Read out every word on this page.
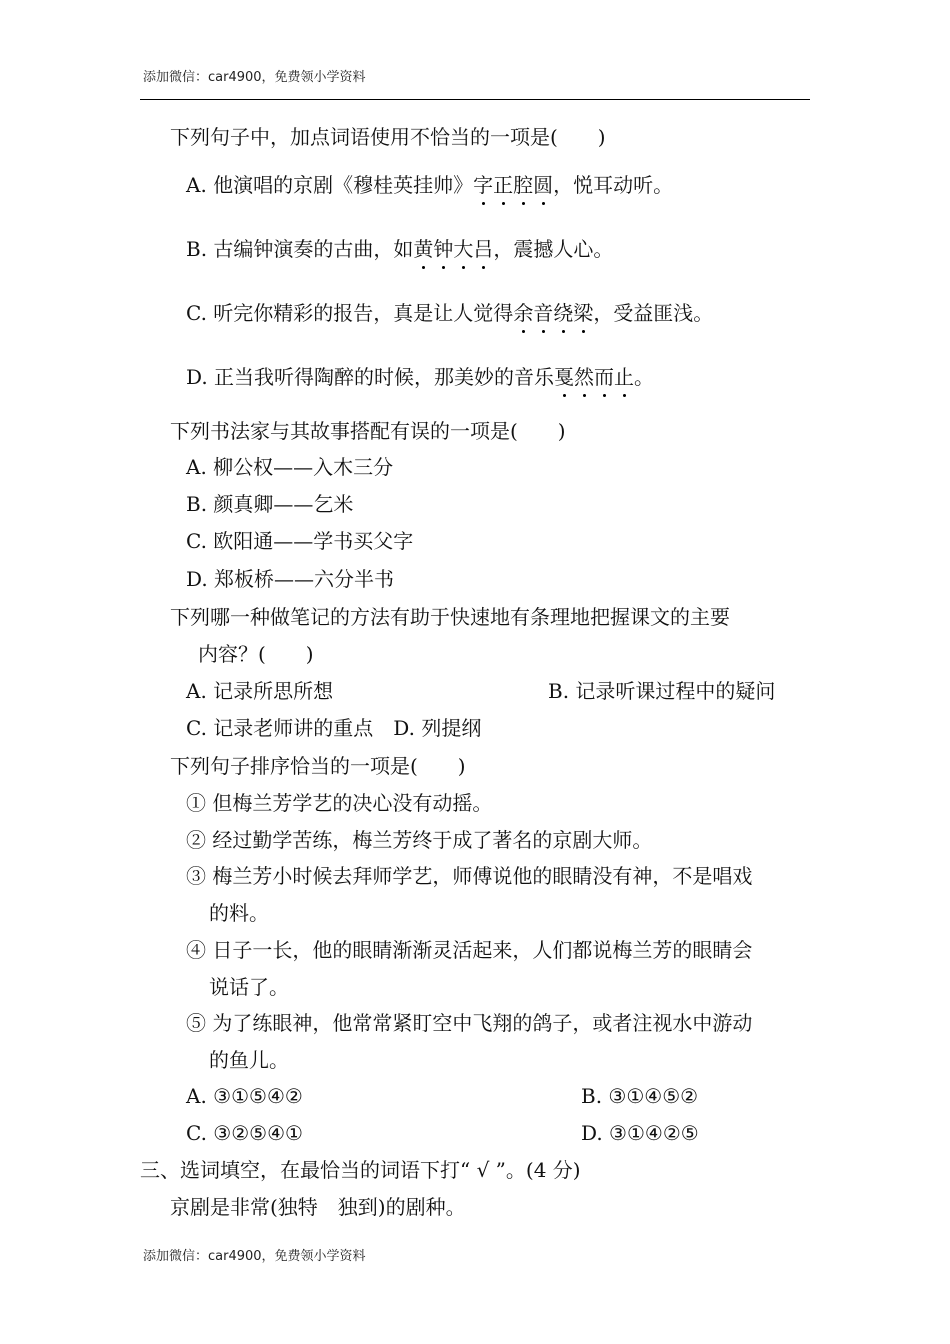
添加微信：car4900，免费领小学资料
下列句子中，加点词语使用不恰当的一项是(　　)
A. 他演唱的京剧《穆桂英挂帅》字正腔圆
，悦耳动听。
B. 古编钟演奏的古曲，如黄钟大吕
，震撼人心。
C. 听完你精彩的报告，真是让人觉得余音绕梁
，受益匪浅。
D. 正当我听得陶醉的时候，那美妙的音乐戛然而止
。
下列书法家与其故事搭配有误的一项是(　　)
A. 柳公权——入木三分
B. 颜真卿——乞米
C. 欧阳通——学书买父字
D. 郑板桥——六分半书
下列哪一种做笔记的方法有助于快速地有条理地把握课文的主要
内容？(　　)
A. 记录所思所想	B. 记录听课过程中的疑问
C. 记录老师讲的重点　D. 列提纲
下列句子排序恰当的一项是(　　)
① 但梅兰芳学艺的决心没有动摇。
② 经过勤学苦练，梅兰芳终于成了著名的京剧大师。
③ 梅兰芳小时候去拜师学艺，师傅说他的眼睛没有神，不是唱戏
的料。
④ 日子一长，他的眼睛渐渐灵活起来，人们都说梅兰芳的眼睛会
说话了。
⑤ 为了练眼神，他常常紧盯空中飞翔的鸽子，或者注视水中游动
的鱼儿。
A. ③①⑤④②	B. ③①④⑤②
C. ③②⑤④①	D. ③①④②⑤
三、选词填空，在最恰当的词语下打“ √ ”。(4 分)
京剧是非常(独特　独到)的剧种。
添加微信：car4900，免费领小学资料
